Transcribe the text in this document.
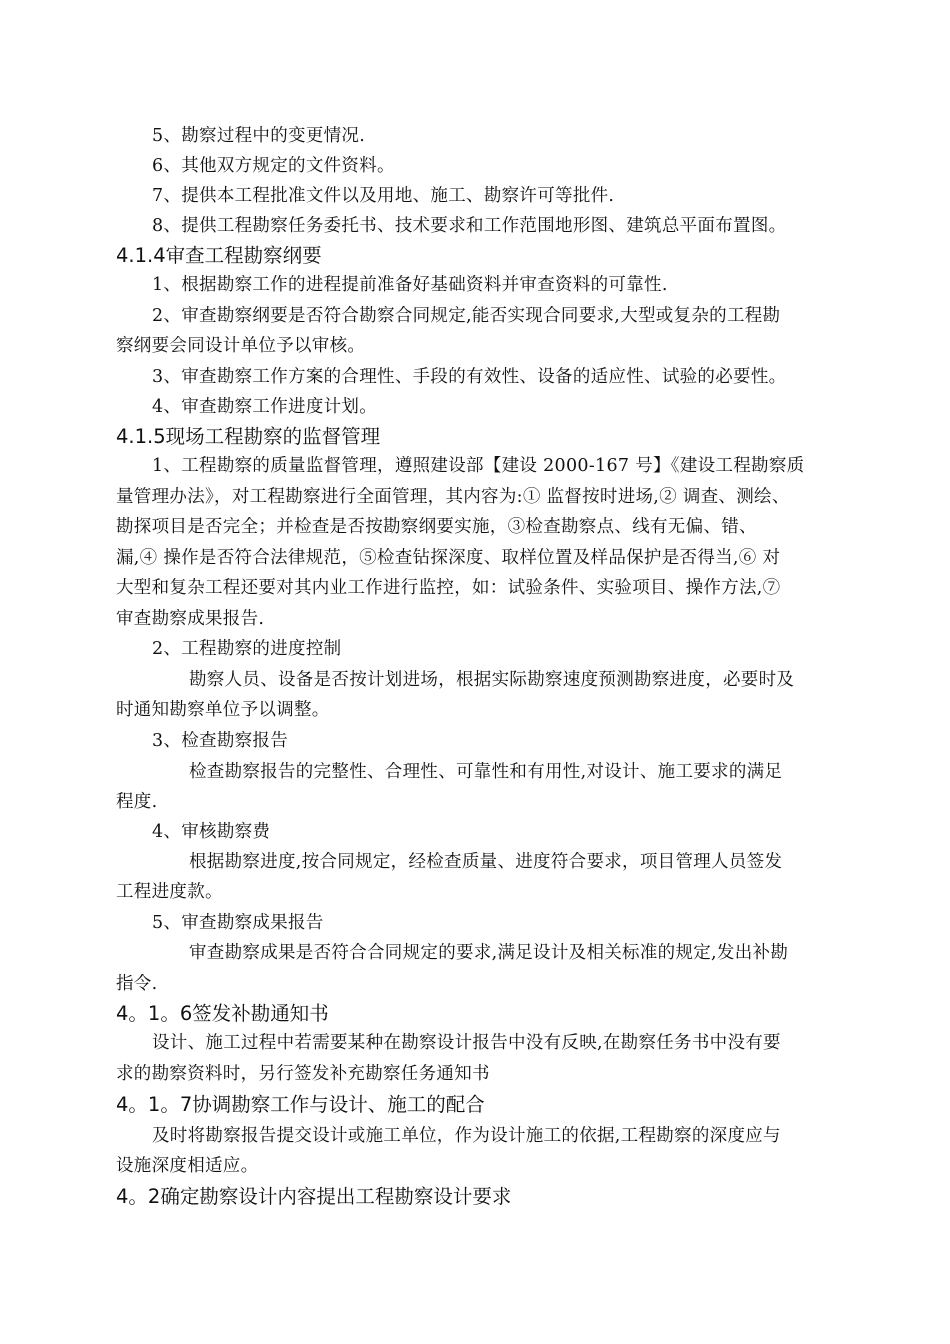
5、勘察过程中的变更情况.
6、其他双方规定的文件资料。
7、提供本工程批准文件以及用地、施工、勘察许可等批件.
8、提供工程勘察任务委托书、技术要求和工作范围地形图、建筑总平面布置图。
4.1.4审查工程勘察纲要
1、根据勘察工作的进程提前准备好基础资料并审查资料的可靠性.
2、审查勘察纲要是否符合勘察合同规定,能否实现合同要求,大型或复杂的工程勘
察纲要会同设计单位予以审核。
3、审查勘察工作方案的合理性、手段的有效性、设备的适应性、试验的必要性。
4、审查勘察工作进度计划。
4.1.5现场工程勘察的监督管理
1、工程勘察的质量监督管理，遵照建设部【建设 2000-167 号】《建设工程勘察质
量管理办法》，对工程勘察进行全面管理，其内容为:① 监督按时进场,② 调查、测绘、
勘探项目是否完全；并检查是否按勘察纲要实施，③检查勘察点、线有无偏、错、
漏,④ 操作是否符合法律规范，⑤检查钻探深度、取样位置及样品保护是否得当,⑥ 对
大型和复杂工程还要对其内业工作进行监控，如：试验条件、实验项目、操作方法,⑦
审查勘察成果报告.
2、工程勘察的进度控制
勘察人员、设备是否按计划进场，根据实际勘察速度预测勘察进度，必要时及
时通知勘察单位予以调整。
3、检查勘察报告
检查勘察报告的完整性、合理性、可靠性和有用性,对设计、施工要求的满足
程度.
4、审核勘察费
根据勘察进度,按合同规定，经检查质量、进度符合要求，项目管理人员签发
工程进度款。
5、审查勘察成果报告
审查勘察成果是否符合合同规定的要求,满足设计及相关标准的规定,发出补勘
指令.
4。1。6签发补勘通知书
设计、施工过程中若需要某种在勘察设计报告中没有反映,在勘察任务书中没有要
求的勘察资料时，另行签发补充勘察任务通知书
4。1。7协调勘察工作与设计、施工的配合
及时将勘察报告提交设计或施工单位，作为设计施工的依据,工程勘察的深度应与
设施深度相适应。
4。2确定勘察设计内容提出工程勘察设计要求
